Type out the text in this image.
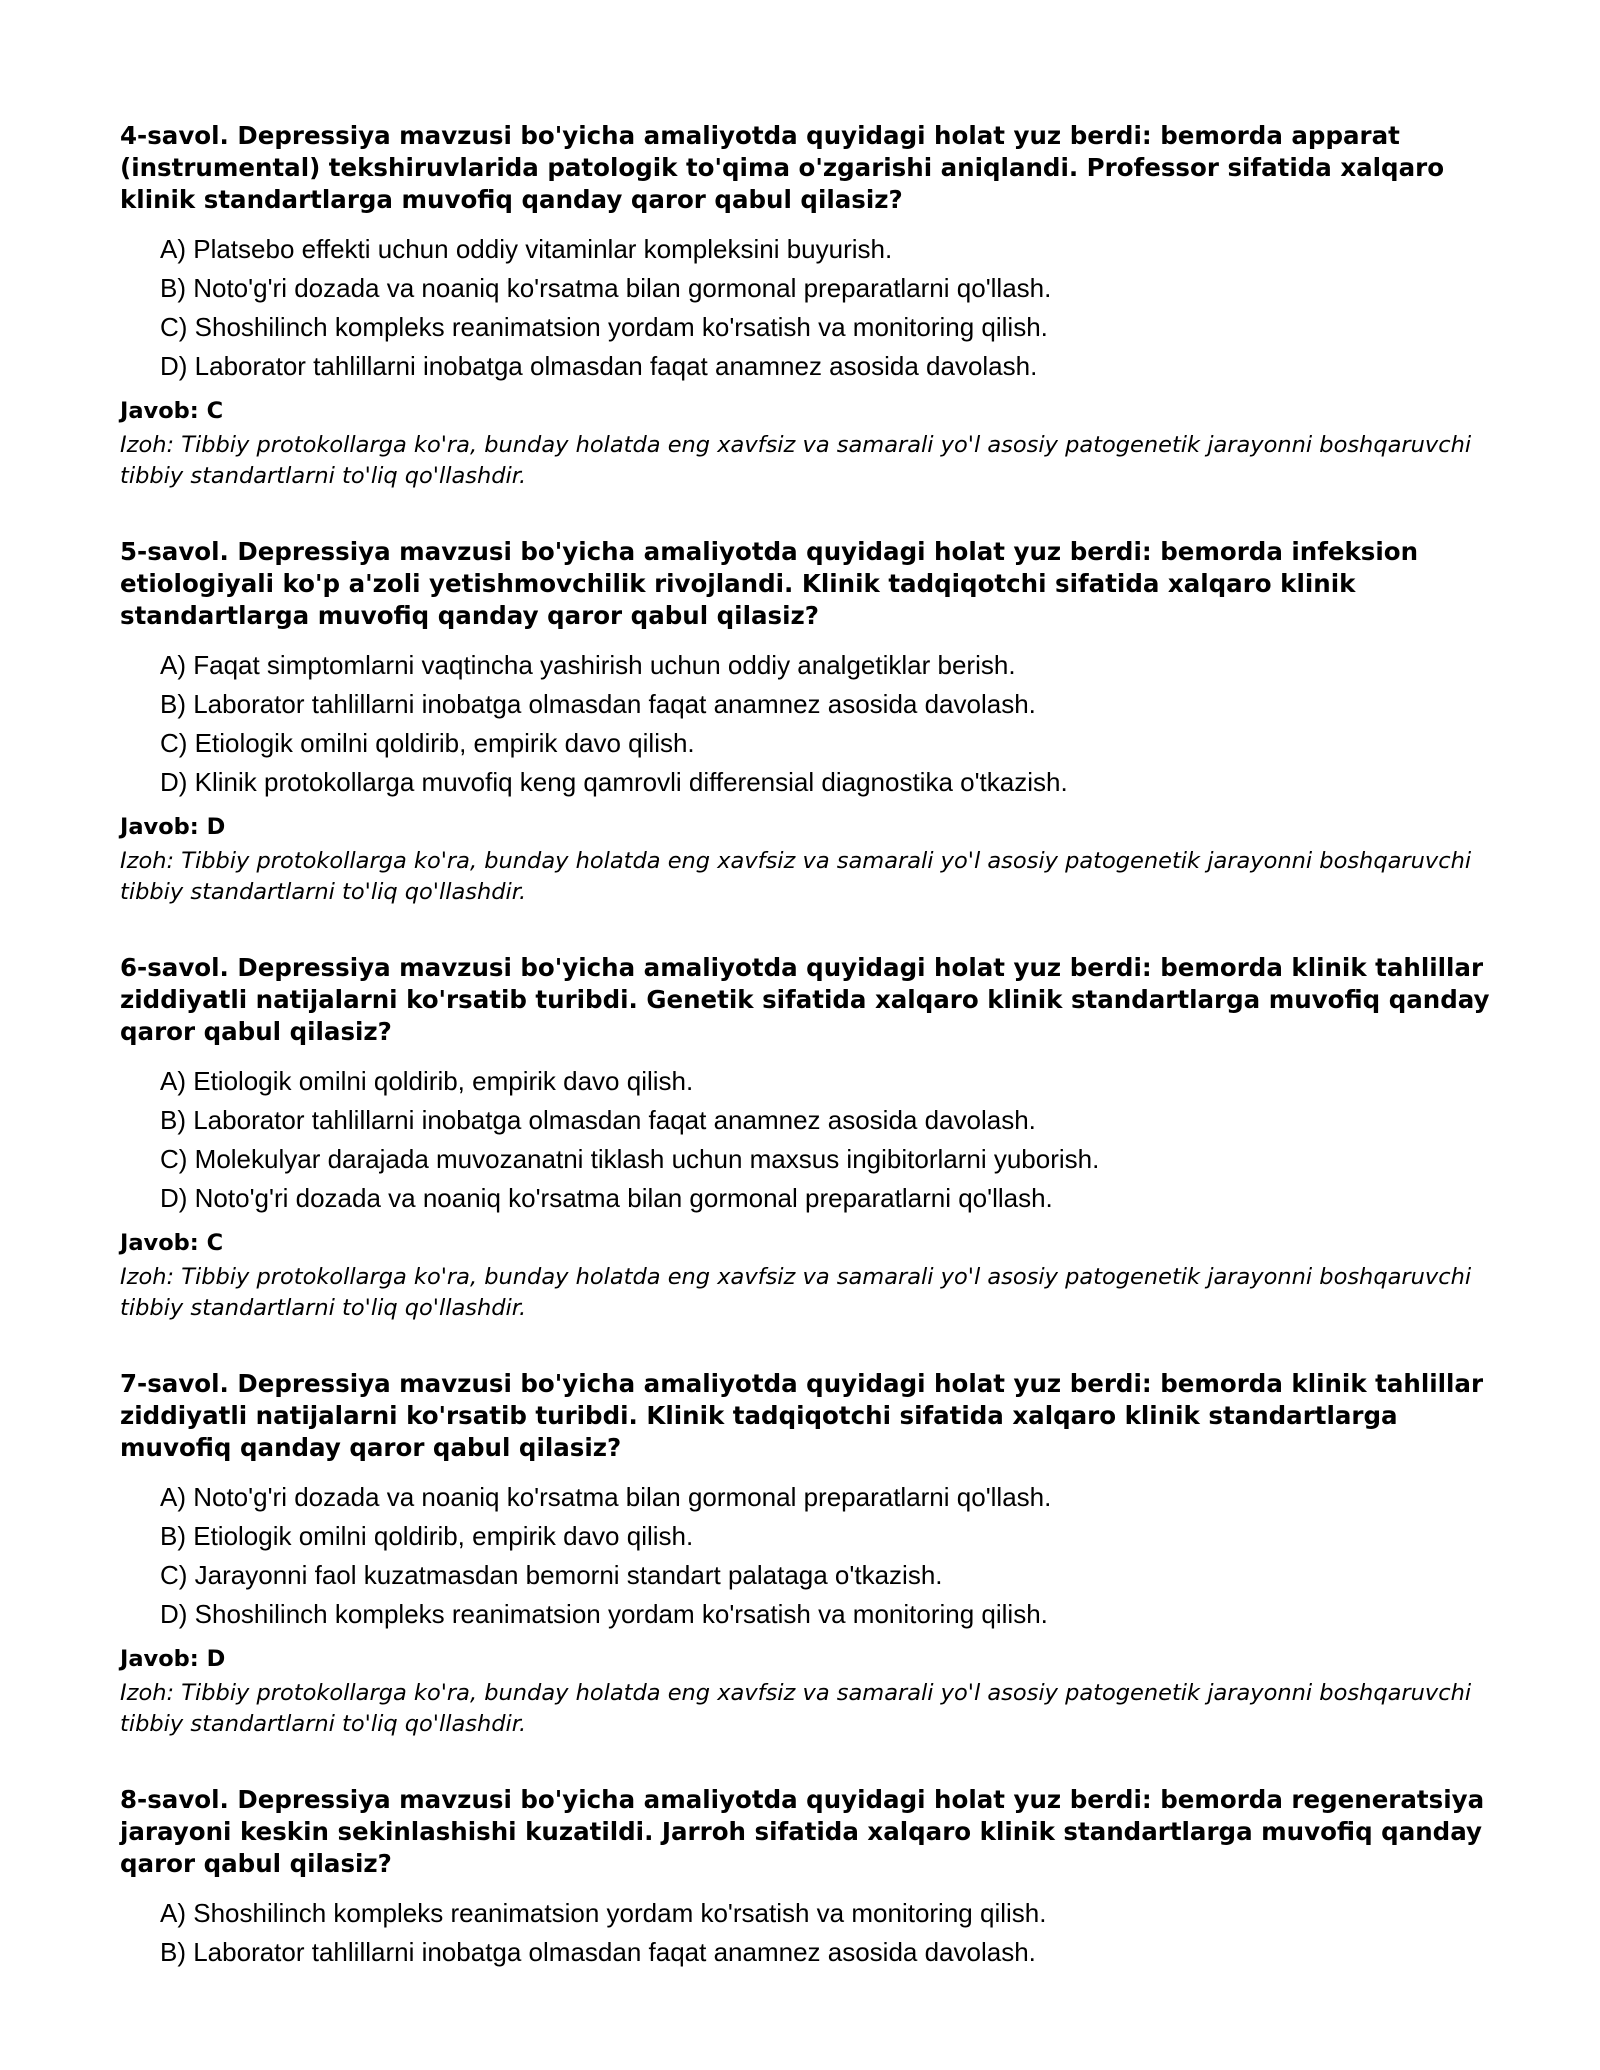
4-savol. Depressiya mavzusi bo'yicha amaliyotda quyidagi holat yuz berdi: bemorda apparat (instrumental) tekshiruvlarida patologik to'qima o'zgarishi aniqlandi. Professor sifatida xalqaro klinik standartlarga muvofiq qanday qaror qabul qilasiz?

A) Platsebo effekti uchun oddiy vitaminlar kompleksini buyurish.
B) Noto'g'ri dozada va noaniq ko'rsatma bilan gormonal preparatlarni qo'llash.
C) Shoshilinch kompleks reanimatsion yordam ko'rsatish va monitoring qilish.
D) Laborator tahlillarni inobatga olmasdan faqat anamnez asosida davolash.

Javob: C

Izoh: Tibbiy protokollarga ko'ra, bunday holatda eng xavfsiz va samarali yo'l asosiy patogenetik jarayonni boshqaruvchi tibbiy standartlarni to'liq qo'llashdir.

5-savol. Depressiya mavzusi bo'yicha amaliyotda quyidagi holat yuz berdi: bemorda infeksion etiologiyali ko'p a'zoli yetishmovchilik rivojlandi. Klinik tadqiqotchi sifatida xalqaro klinik standartlarga muvofiq qanday qaror qabul qilasiz?

A) Faqat simptomlarni vaqtincha yashirish uchun oddiy analgetiklar berish.
B) Laborator tahlillarni inobatga olmasdan faqat anamnez asosida davolash.
C) Etiologik omilni qoldirib, empirik davo qilish.
D) Klinik protokollarga muvofiq keng qamrovli differensial diagnostika o'tkazish.

Javob: D

Izoh: Tibbiy protokollarga ko'ra, bunday holatda eng xavfsiz va samarali yo'l asosiy patogenetik jarayonni boshqaruvchi tibbiy standartlarni to'liq qo'llashdir.

6-savol. Depressiya mavzusi bo'yicha amaliyotda quyidagi holat yuz berdi: bemorda klinik tahlillar ziddiyatli natijalarni ko'rsatib turibdi. Genetik sifatida xalqaro klinik standartlarga muvofiq qanday qaror qabul qilasiz?

A) Etiologik omilni qoldirib, empirik davo qilish.
B) Laborator tahlillarni inobatga olmasdan faqat anamnez asosida davolash.
C) Molekulyar darajada muvozanatni tiklash uchun maxsus ingibitorlarni yuborish.
D) Noto'g'ri dozada va noaniq ko'rsatma bilan gormonal preparatlarni qo'llash.

Javob: C

Izoh: Tibbiy protokollarga ko'ra, bunday holatda eng xavfsiz va samarali yo'l asosiy patogenetik jarayonni boshqaruvchi tibbiy standartlarni to'liq qo'llashdir.

7-savol. Depressiya mavzusi bo'yicha amaliyotda quyidagi holat yuz berdi: bemorda klinik tahlillar ziddiyatli natijalarni ko'rsatib turibdi. Klinik tadqiqotchi sifatida xalqaro klinik standartlarga muvofiq qanday qaror qabul qilasiz?

A) Noto'g'ri dozada va noaniq ko'rsatma bilan gormonal preparatlarni qo'llash.
B) Etiologik omilni qoldirib, empirik davo qilish.
C) Jarayonni faol kuzatmasdan bemorni standart palataga o'tkazish.
D) Shoshilinch kompleks reanimatsion yordam ko'rsatish va monitoring qilish.

Javob: D

Izoh: Tibbiy protokollarga ko'ra, bunday holatda eng xavfsiz va samarali yo'l asosiy patogenetik jarayonni boshqaruvchi tibbiy standartlarni to'liq qo'llashdir.

8-savol. Depressiya mavzusi bo'yicha amaliyotda quyidagi holat yuz berdi: bemorda regeneratsiya jarayoni keskin sekinlashishi kuzatildi. Jarroh sifatida xalqaro klinik standartlarga muvofiq qanday qaror qabul qilasiz?

A) Shoshilinch kompleks reanimatsion yordam ko'rsatish va monitoring qilish.
B) Laborator tahlillarni inobatga olmasdan faqat anamnez asosida davolash.
